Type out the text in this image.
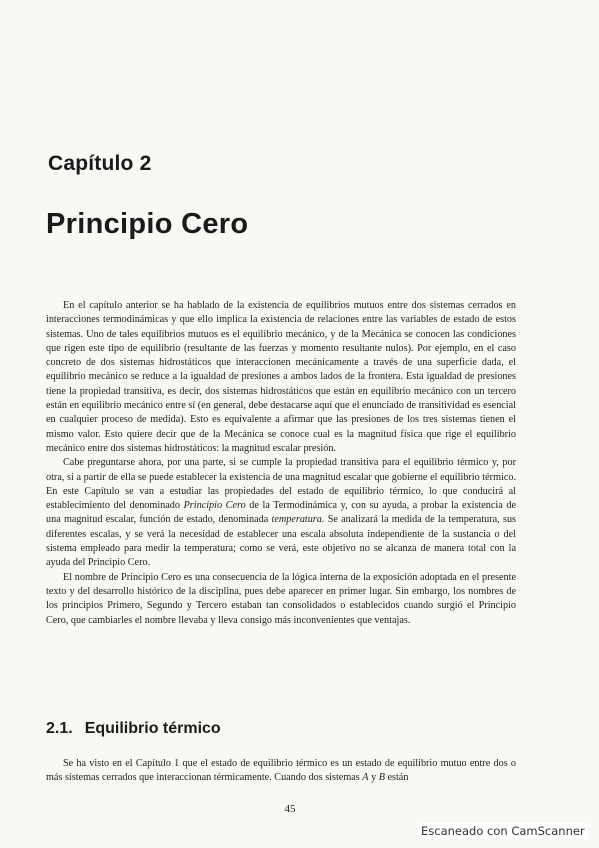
Capítulo 2
Principio Cero

En el capítulo anterior se ha hablado de la existencia de equilibrios mutuos entre dos sistemas cerrados en interacciones termodinámicas y que ello implica la existencia de relaciones entre las variables de estado de estos sistemas. Uno de tales equilibrios mutuos es el equilibrio mecánico, y de la Mecánica se conocen las condiciones que rigen este tipo de equilibrio (resultante de las fuerzas y momento resultante nulos). Por ejemplo, en el caso concreto de dos sistemas hidrostáticos que interaccionen mecánicamente a través de una superficie dada, el equilibrio mecánico se reduce a la igualdad de presiones a ambos lados de la frontera. Esta igualdad de presiones tiene la propiedad transitiva, es decir, dos sistemas hidrostáticos que están en equilibrio mecánico con un tercero están en equilibrio mecánico entre sí (en general, debe destacarse aquí que el enunciado de transitividad es esencial en cualquier proceso de medida). Esto es equivalente a afirmar que las presiones de los tres sistemas tienen el mismo valor. Esto quiere decir que de la Mecánica se conoce cual es la magnitud física que rige el equilibrio mecánico entre dos sistemas hidrostáticos: la magnitud escalar presión.

Cabe preguntarse ahora, por una parte, si se cumple la propiedad transitiva para el equilibrio térmico y, por otra, si a partir de ella se puede establecer la existencia de una magnitud escalar que gobierne el equilibrio térmico. En este Capítulo se van a estudiar las propiedades del estado de equilibrio térmico, lo que conducirá al establecimiento del denominado Principio Cero de la Termodinámica y, con su ayuda, a probar la existencia de una magnitud escalar, función de estado, denominada temperatura. Se analizará la medida de la temperatura, sus diferentes escalas, y se verá la necesidad de establecer una escala absoluta independiente de la sustancia o del sistema empleado para medir la temperatura; como se verá, este objetivo no se alcanza de manera total con la ayuda del Principio Cero.

El nombre de Principio Cero es una consecuencia de la lógica interna de la exposición adoptada en el presente texto y del desarrollo histórico de la disciplina, pues debe aparecer en primer lugar. Sin embargo, los nombres de los principios Primero, Segundo y Tercero estaban tan consolidados o establecidos cuando surgió el Principio Cero, que cambiarles el nombre llevaba y lleva consigo más inconvenientes que ventajas.

2.1. Equilibrio térmico

Se ha visto en el Capítulo 1 que el estado de equilibrio térmico es un estado de equilibrio mutuo entre dos o más sistemas cerrados que interaccionan térmicamente. Cuando dos sistemas A y B están

45
Escaneado con CamScanner
